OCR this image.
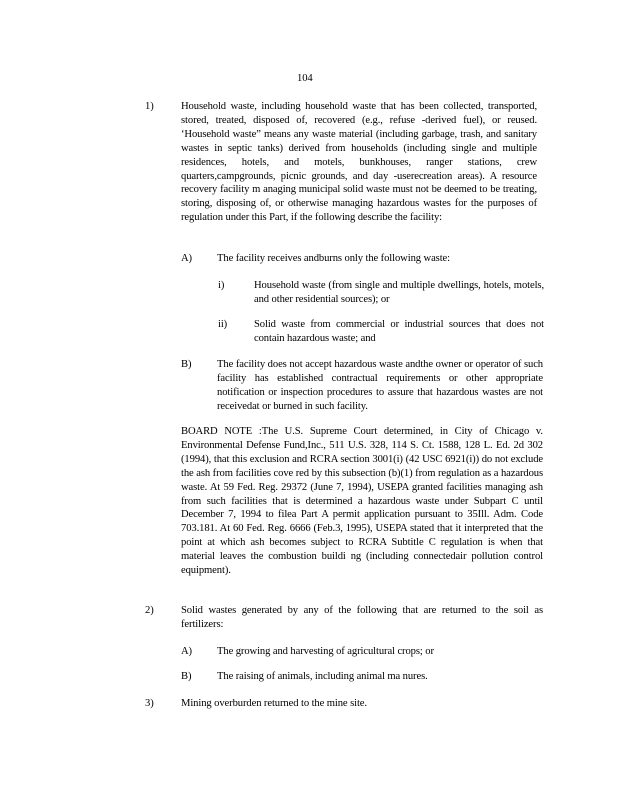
104
1)	Household waste, including household waste that has been collected, transported, stored, treated, disposed of, recovered (e.g., refuse -derived fuel), or reused. ‘Household waste” means any waste material (including garbage, trash, and sanitary wastes in septic tanks) derived from households (including single and multiple residences, hotels, and motels, bunkhouses, ranger stations, crew quarters,campgrounds, picnic grounds, and day -userecreation areas). A resource recovery facility m anaging municipal solid waste must not be deemed to be treating, storing, disposing of, or otherwise managing hazardous wastes for the purposes of regulation under this Part, if the following describe the facility:
A) The facility receives andburns only the following waste:
i)	Household waste (from single and multiple dwellings, hotels, motels, and other residential sources); or
ii)	Solid waste from commercial or industrial sources that does not contain hazardous waste; and
B) The facility does not accept hazardous waste andthe owner or operator of such facility has established contractual requirements or other appropriate notification or inspection procedures to assure that hazardous wastes are not receivedat or burned in such facility.
BOARD NOTE :The U.S. Supreme Court determined, in City of Chicago v. Environmental Defense Fund,Inc., 511 U.S. 328, 114 S. Ct. 1588, 128 L. Ed. 2d 302 (1994), that this exclusion and RCRA section 3001(i) (42 USC 6921(i)) do not exclude the ash from facilities cove red by this subsection (b)(1) from regulation as a hazardous waste. At 59 Fed. Reg. 29372 (June 7, 1994), USEPA granted facilities managing ash from such facilities that is determined a hazardous waste under Subpart C until December 7, 1994 to filea Part A permit application pursuant to 35Ill. Adm. Code 703.181. At 60 Fed. Reg. 6666 (Feb.3, 1995), USEPA stated that it interpreted that the point at which ash becomes subject to RCRA Subtitle C regulation is when that material leaves the combustion buildi ng (including connectedair pollution control equipment).
2)	Solid wastes generated by any of the following that are returned to the soil as fertilizers:
A) The growing and harvesting of agricultural crops; or
B) The raising of animals, including animal ma nures.
3)	Mining overburden returned to the mine site.
